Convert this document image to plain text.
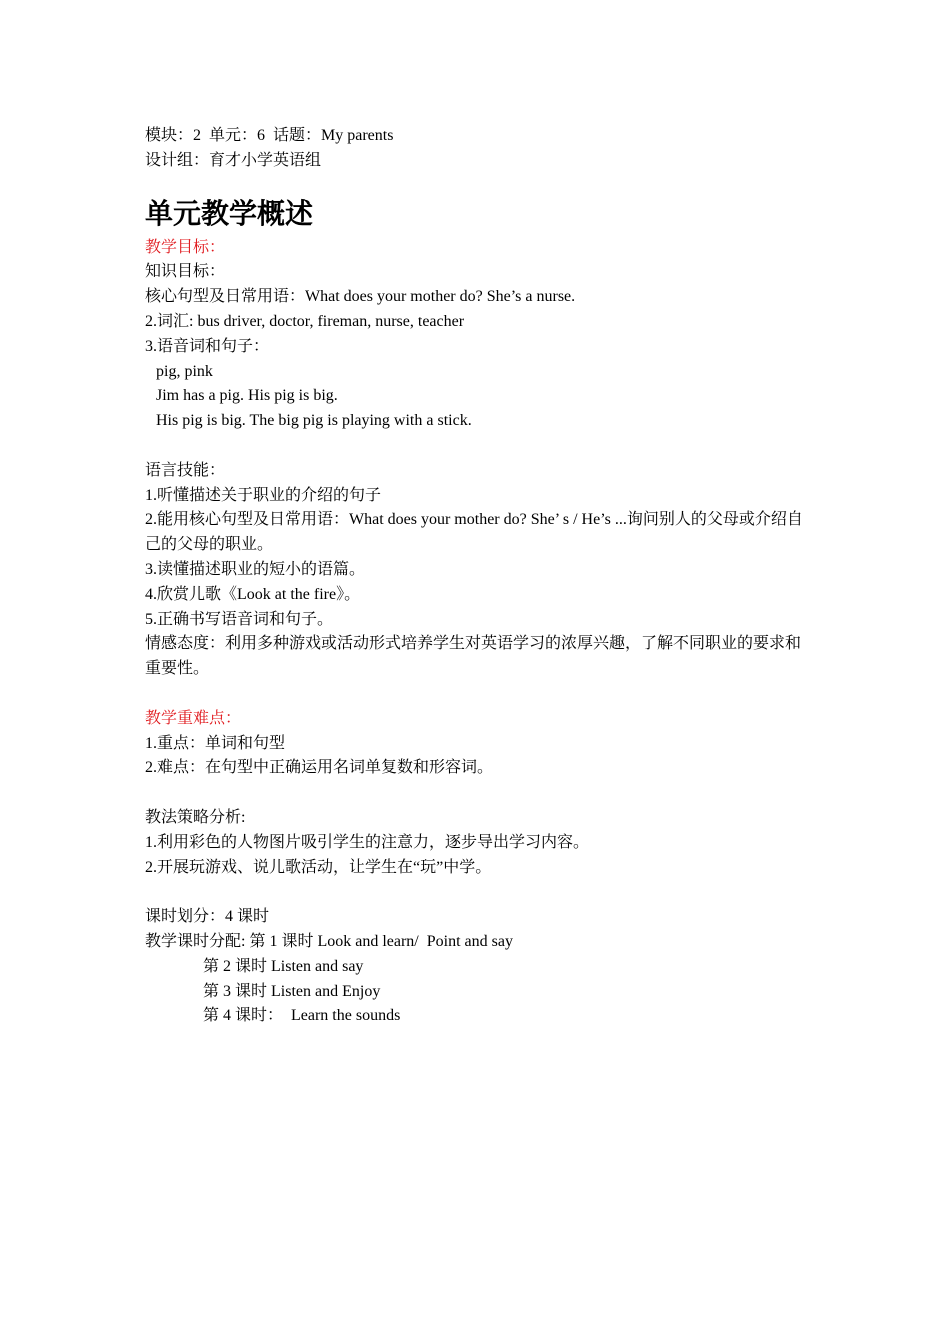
模块：2  单元：6  话题：My parents
设计组：育才小学英语组
单元教学概述
教学目标：
知识目标：
核心句型及日常用语：What does your mother do? She’s a nurse.
2.词汇: bus driver, doctor, fireman, nurse, teacher
3.语音词和句子：
pig, pink
Jim has a pig. His pig is big.
His pig is big. The big pig is playing with a stick.
语言技能：
1.听懂描述关于职业的介绍的句子
2.能用核心句型及日常用语：What does your mother do? She’ s / He’s ...询问别人的父母或介绍自己的父母的职业。
3.读懂描述职业的短小的语篇。
4.欣赏儿歌《Look at the fire》。
5.正确书写语音词和句子。
情感态度：利用多种游戏或活动形式培养学生对英语学习的浓厚兴趣，了解不同职业的要求和重要性。
教学重难点：
1.重点：单词和句型
2.难点：在句型中正确运用名词单复数和形容词。
教法策略分析:
1.利用彩色的人物图片吸引学生的注意力，逐步导出学习内容。
2.开展玩游戏、说儿歌活动，让学生在“玩”中学。
课时划分：4 课时
教学课时分配: 第 1 课时 Look and learn/  Point and say
第 2 课时 Listen and say
第 3 课时 Listen and Enjoy
第 4 课时：  Learn the sounds
